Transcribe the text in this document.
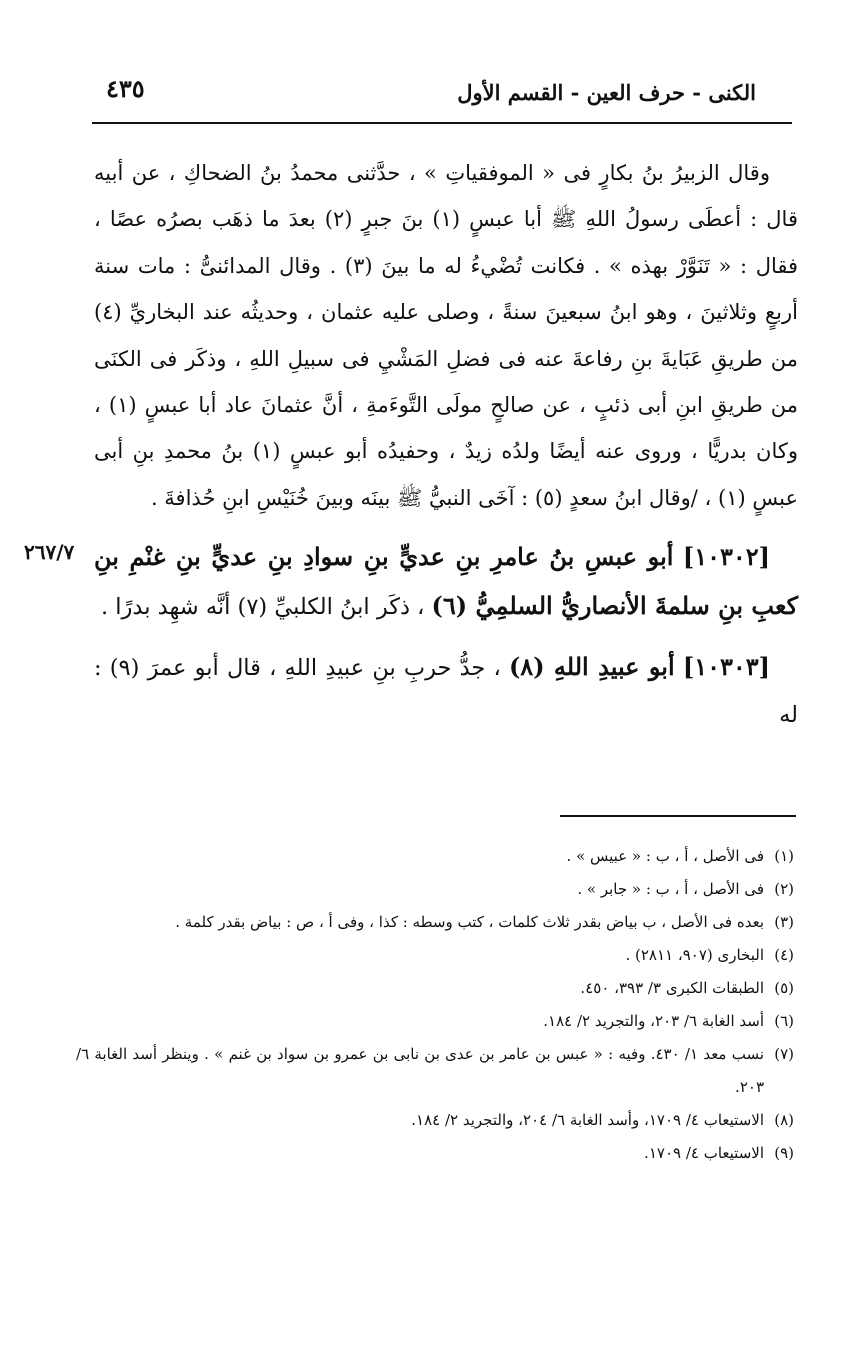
٤٣٥	الكنى - حرف العين - القسم الأول
٢٦٧/٧

وقال الزبيرُ بنُ بكارٍ فى « الموفقياتِ » ، حدَّثنى محمدُ بنُ الضحاكِ ، عن أبيه قال : أعطَى رسولُ اللهِ ﷺ أبا عبسٍ (١) بنَ جبرٍ (٢) بعدَ ما ذهَب بصرُه عصًا ، فقال : « تَنَوَّرْ بهذه » . فكانت تُضْيءُ له ما بينَ (٣) . وقال المدائنىُّ : مات سنة أربعٍ وثلاثينَ ، وهو ابنُ سبعينَ سنةً ، وصلى عليه عثمان ، وحديثُه عند البخاريِّ (٤) من طريقِ عَبَايةَ بنِ رفاعةَ عنه فى فضلِ المَشْيِ فى سبيلِ اللهِ ، وذكَر فى الكنَى من طريقِ ابنِ أبى ذئبٍ ، عن صالحٍ مولَى التَّوءَمةِ ، أنَّ عثمانَ عاد أبا عبسٍ (١) ، وكان بدريًّا ، وروى عنه أيضًا ولدُه زيدٌ ، وحفيدُه أبو عبسٍ (١) بنُ محمدِ بنِ أبى عبسٍ (١) ، /وقال ابنُ سعدٍ (٥) : آخَى النبيُّ ﷺ بينَه وبينَ خُنَيْسِ ابنِ حُذافةَ .

[١٠٣٠٢] أبو عبسِ بنُ عامرِ بنِ عديٍّ بنِ سوادِ بنِ عديٍّ بنِ غنْمِ بنِ كعبِ بنِ سلمةَ الأنصاريُّ السلمِيُّ (٦) ، ذكَر ابنُ الكلبيِّ (٧) أنَّه شهِد بدرًا .

[١٠٣٠٣] أبو عبيدِ اللهِ (٨) ، جدُّ حربِ بنِ عبيدِ اللهِ ، قال أبو عمرَ (٩) : له

(١)فى الأصل ، أ ، ب : « عبيس » .

(٢)فى الأصل ، أ ، ب : « جابر » .

(٣)بعده فى الأصل ، ب بياض بقدر ثلاث كلمات ، كتب وسطه : كذا ، وفى أ ، ص : بياض بقدر كلمة .

(٤)البخارى (٩٠٧، ٢٨١١) .

(٥)الطبقات الكبرى ٣/ ٣٩٣، ٤٥٠.

(٦)أسد الغابة ٦/ ٢٠٣، والتجريد ٢/ ١٨٤.

(٧)نسب معد ١/ ٤٣٠. وفيه : « عبس بن عامر بن عدى بن نابى بن عمرو بن سواد بن غنم » . وينظر أسد الغابة ٦/ ٢٠٣.

(٨)الاستيعاب ٤/ ١٧٠٩، وأسد الغابة ٦/ ٢٠٤، والتجريد ٢/ ١٨٤.

(٩)الاستيعاب ٤/ ١٧٠٩.
